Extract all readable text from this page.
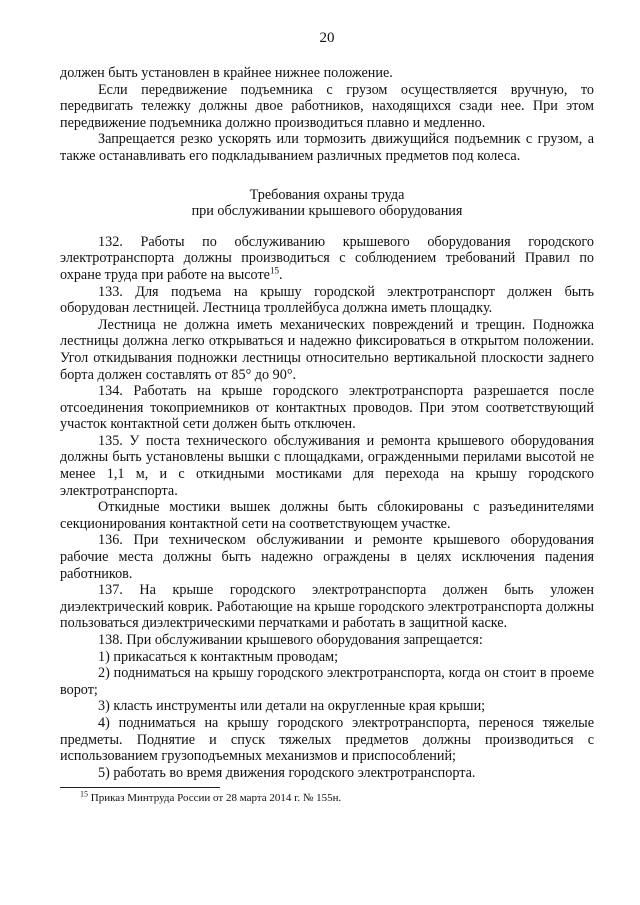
20

должен быть установлен в крайнее нижнее положение.

Если передвижение подъемника с грузом осуществляется вручную, то передвигать тележку должны двое работников, находящихся сзади нее. При этом передвижение подъемника должно производиться плавно и медленно.

Запрещается резко ускорять или тормозить движущийся подъемник с грузом, а также останавливать его подкладыванием различных предметов под колеса.

Требования охраны труда
при обслуживании крышевого оборудования

132. Работы по обслуживанию крышевого оборудования городского электротранспорта должны производиться с соблюдением требований Правил по охране труда при работе на высоте$^{15}$.

133. Для подъема на крышу городской электротранспорт должен быть оборудован лестницей. Лестница троллейбуса должна иметь площадку.

Лестница не должна иметь механических повреждений и трещин. Подножка лестницы должна легко открываться и надежно фиксироваться в открытом положении. Угол откидывания подножки лестницы относительно вертикальной плоскости заднего борта должен составлять от 85° до 90°.

134. Работать на крыше городского электротранспорта разрешается после отсоединения токоприемников от контактных проводов. При этом соответствующий участок контактной сети должен быть отключен.

135. У поста технического обслуживания и ремонта крышевого оборудования должны быть установлены вышки с площадками, огражденными перилами высотой не менее 1,1 м, и с откидными мостиками для перехода на крышу городского электротранспорта.

Откидные мостики вышек должны быть сблокированы с разъединителями секционирования контактной сети на соответствующем участке.

136. При техническом обслуживании и ремонте крышевого оборудования рабочие места должны быть надежно ограждены в целях исключения падения работников.

137. На крыше городского электротранспорта должен быть уложен диэлектрический коврик. Работающие на крыше городского электротранспорта должны пользоваться диэлектрическими перчатками и работать в защитной каске.

138. При обслуживании крышевого оборудования запрещается:

1) прикасаться к контактным проводам;

2) подниматься на крышу городского электротранспорта, когда он стоит в проеме ворот;

3) класть инструменты или детали на округленные края крыши;

4) подниматься на крышу городского электротранспорта, перенося тяжелые предметы. Поднятие и спуск тяжелых предметов должны производиться с использованием грузоподъемных механизмов и приспособлений;

5) работать во время движения городского электротранспорта.

$^{15}$ Приказ Минтруда России от 28 марта 2014 г. № 155н.
